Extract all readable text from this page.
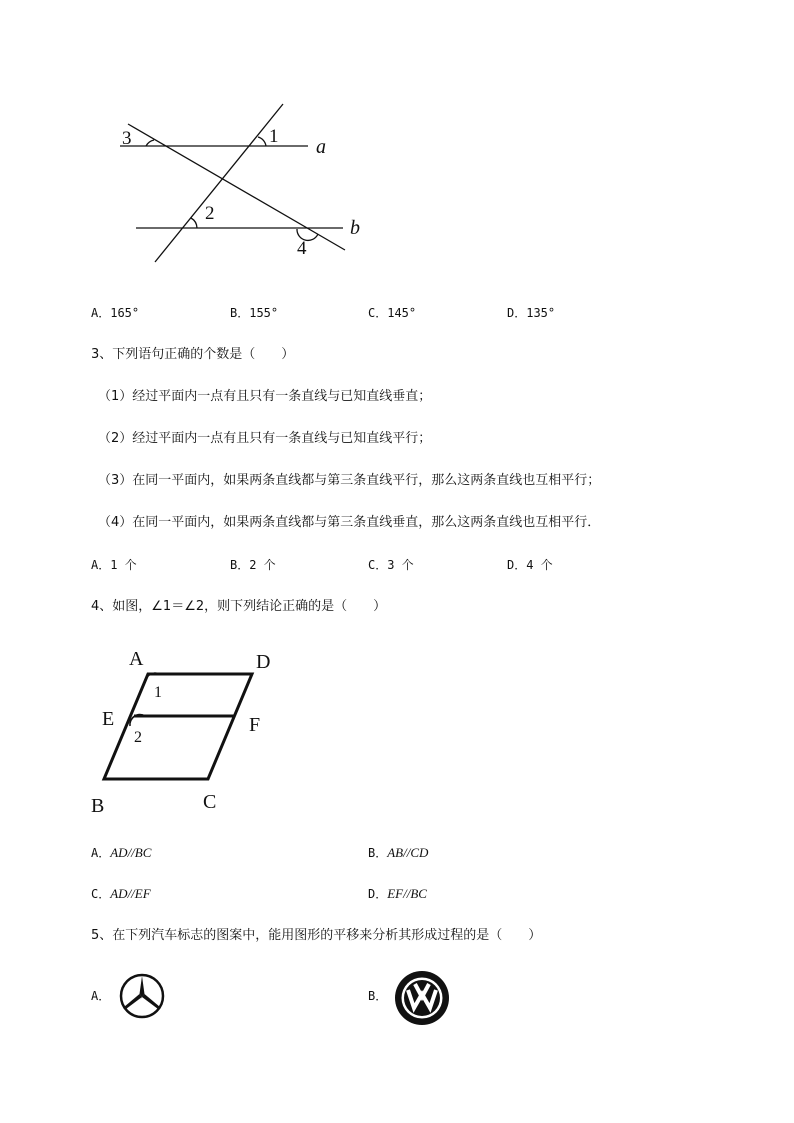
3	1 a
2
b
4
A．165°	B．155°	C．145°	D．135°
3、下列语句正确的个数是（　　）
（1）经过平面内一点有且只有一条直线与已知直线垂直；
（2）经过平面内一点有且只有一条直线与已知直线平行；
（3）在同一平面内，如果两条直线都与第三条直线平行，那么这两条直线也互相平行；
（4）在同一平面内，如果两条直线都与第三条直线垂直，那么这两条直线也互相平行．
A．1 个	B．2 个	C．3 个	D．4 个
4、如图，∠1＝∠2，则下列结论正确的是（　　）
A	D
1
E	F
2
B	C
A．AD//BC	B．AB//CD
C．AD//EF	D．EF//BC
5、在下列汽车标志的图案中，能用图形的平移来分析其形成过程的是（　　）
A．	B．
